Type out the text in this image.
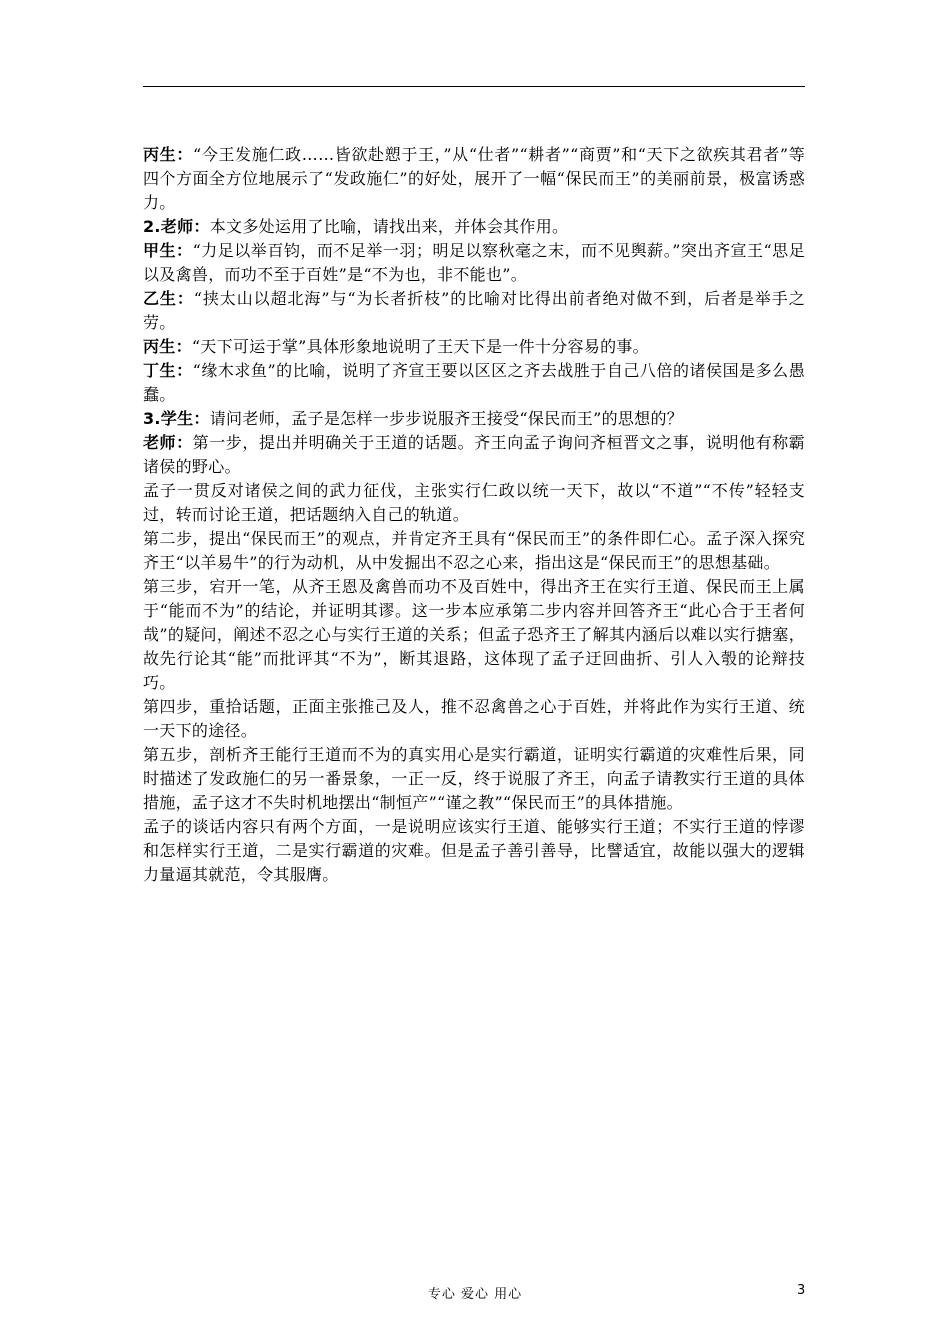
丙生：“今王发施仁政……皆欲赴愬于王，”从“仕者”“耕者”“商贾”和“天下之欲疾其君者”等四个方面全方位地展示了“发政施仁”的好处，展开了一幅“保民而王”的美丽前景，极富诱惑力。

2.老师：本文多处运用了比喻，请找出来，并体会其作用。

甲生：“力足以举百钧，而不足举一羽；明足以察秋毫之末，而不见舆薪。”突出齐宣王“思足以及禽兽，而功不至于百姓”是“不为也，非不能也”。

乙生：“挟太山以超北海”与“为长者折枝”的比喻对比得出前者绝对做不到，后者是举手之劳。

丙生：“天下可运于掌”具体形象地说明了王天下是一件十分容易的事。

丁生：“缘木求鱼”的比喻，说明了齐宣王要以区区之齐去战胜于自己八倍的诸侯国是多么愚蠢。

3.学生：请问老师，孟子是怎样一步步说服齐王接受“保民而王”的思想的？

老师：第一步，提出并明确关于王道的话题。齐王向孟子询问齐桓晋文之事，说明他有称霸诸侯的野心。

孟子一贯反对诸侯之间的武力征伐，主张实行仁政以统一天下，故以“不道”“不传”轻轻支过，转而讨论王道，把话题纳入自己的轨道。

第二步，提出“保民而王”的观点，并肯定齐王具有“保民而王”的条件即仁心。孟子深入探究齐王“以羊易牛”的行为动机，从中发掘出不忍之心来，指出这是“保民而王”的思想基础。

第三步，宕开一笔，从齐王恩及禽兽而功不及百姓中，得出齐王在实行王道、保民而王上属于“能而不为”的结论，并证明其谬。这一步本应承第二步内容并回答齐王“此心合于王者何哉”的疑问，阐述不忍之心与实行王道的关系；但孟子恐齐王了解其内涵后以难以实行搪塞，故先行论其“能”而批评其“不为”，断其退路，这体现了孟子迂回曲折、引人入彀的论辩技巧。

第四步，重拾话题，正面主张推己及人，推不忍禽兽之心于百姓，并将此作为实行王道、统一天下的途径。

第五步，剖析齐王能行王道而不为的真实用心是实行霸道，证明实行霸道的灾难性后果，同时描述了发政施仁的另一番景象，一正一反，终于说服了齐王，向孟子请教实行王道的具体措施，孟子这才不失时机地摆出“制恒产”“谨之教”“保民而王”的具体措施。

孟子的谈话内容只有两个方面，一是说明应该实行王道、能够实行王道；不实行王道的悖谬和怎样实行王道，二是实行霸道的灾难。但是孟子善引善导，比譬适宜，故能以强大的逻辑力量逼其就范，令其服膺。

专心 爱心 用心	3
